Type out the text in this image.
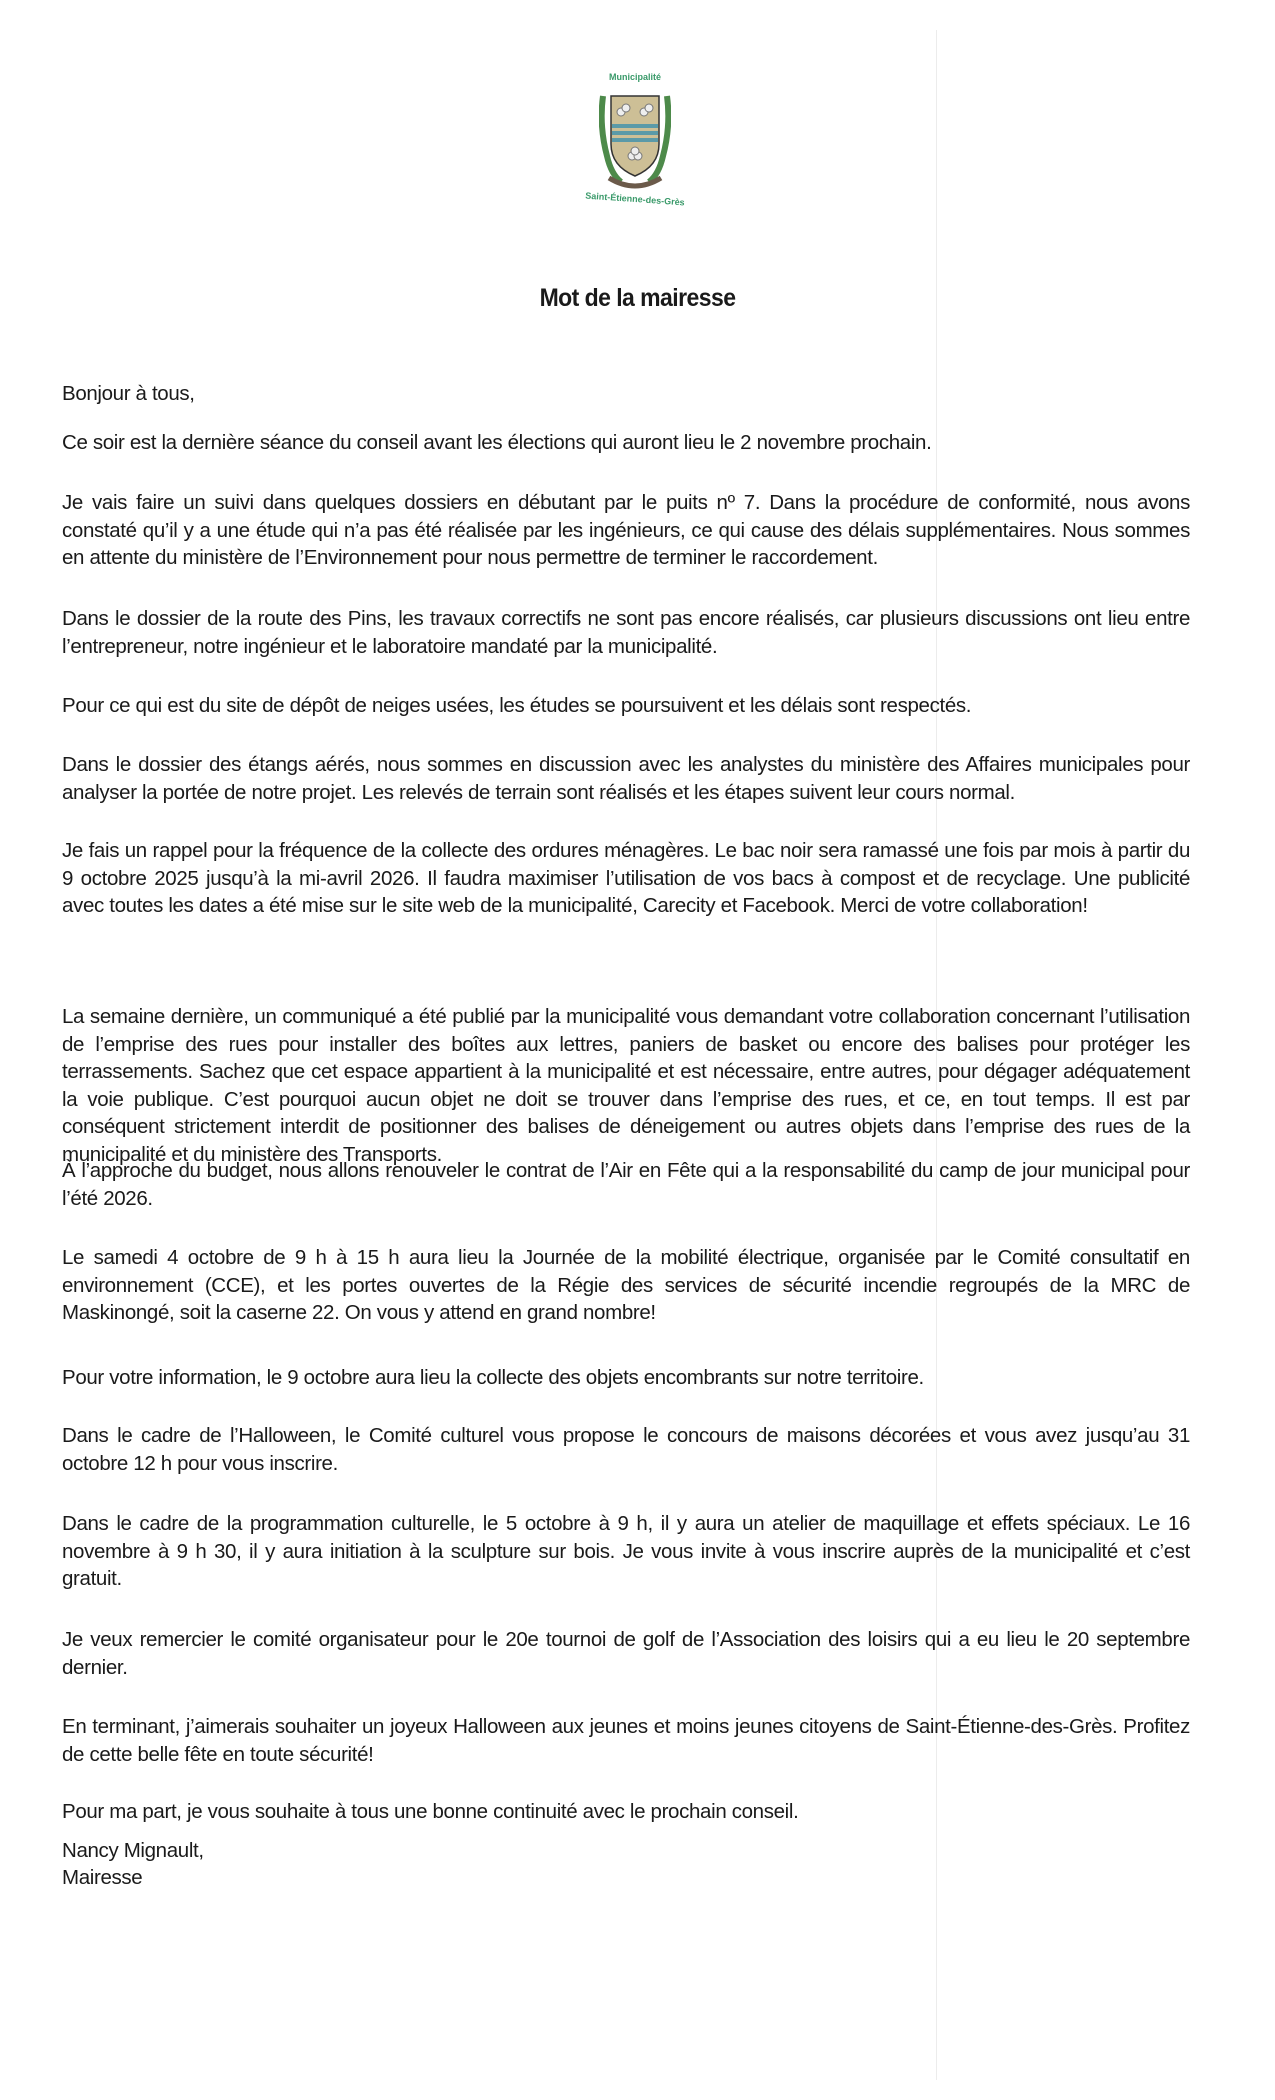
Municipalité
Saint-Étienne-des-Grès
Mot de la mairesse
Bonjour à tous,
Ce soir est la dernière séance du conseil avant les élections qui auront lieu le 2 novembre prochain.
Je vais faire un suivi dans quelques dossiers en débutant par le puits nº 7. Dans la procédure de conformité, nous avons constaté qu’il y a une étude qui n’a pas été réalisée par les ingénieurs, ce qui cause des délais supplémentaires. Nous sommes en attente du ministère de l’Environnement pour nous permettre de terminer le raccordement.
Dans le dossier de la route des Pins, les travaux correctifs ne sont pas encore réalisés, car plusieurs discussions ont lieu entre l’entrepreneur, notre ingénieur et le laboratoire mandaté par la municipalité.
Pour ce qui est du site de dépôt de neiges usées, les études se poursuivent et les délais sont respectés.
Dans le dossier des étangs aérés, nous sommes en discussion avec les analystes du ministère des Affaires municipales pour analyser la portée de notre projet. Les relevés de terrain sont réalisés et les étapes suivent leur cours normal.
Je fais un rappel pour la fréquence de la collecte des ordures ménagères. Le bac noir sera ramassé une fois par mois à partir du 9 octobre 2025 jusqu’à la mi-avril 2026. Il faudra maximiser l’utilisation de vos bacs à compost et de recyclage. Une publicité avec toutes les dates a été mise sur le site web de la municipalité, Carecity et Facebook. Merci de votre collaboration!
La semaine dernière, un communiqué a été publié par la municipalité vous demandant votre collaboration concernant l’utilisation de l’emprise des rues pour installer des boîtes aux lettres, paniers de basket ou encore des balises pour protéger les terrassements. Sachez que cet espace appartient à la municipalité et est nécessaire, entre autres, pour dégager adéquatement la voie publique. C’est pourquoi aucun objet ne doit se trouver dans l’emprise des rues, et ce, en tout temps. Il est par conséquent strictement interdit de positionner des balises de déneigement ou autres objets dans l’emprise des rues de la municipalité et du ministère des Transports.
À l’approche du budget, nous allons renouveler le contrat de l’Air en Fête qui a la responsabilité du camp de jour municipal pour l’été 2026.
Le samedi 4 octobre de 9 h à 15 h aura lieu la Journée de la mobilité électrique, organisée par le Comité consultatif en environnement (CCE), et les portes ouvertes de la Régie des services de sécurité incendie regroupés de la MRC de Maskinongé, soit la caserne 22. On vous y attend en grand nombre!
Pour votre information, le 9 octobre aura lieu la collecte des objets encombrants sur notre territoire.
Dans le cadre de l’Halloween, le Comité culturel vous propose le concours de maisons décorées et vous avez jusqu’au 31 octobre 12 h pour vous inscrire.
Dans le cadre de la programmation culturelle, le 5 octobre à 9 h, il y aura un atelier de maquillage et effets spéciaux. Le 16 novembre à 9 h 30, il y aura initiation à la sculpture sur bois. Je vous invite à vous inscrire auprès de la municipalité et c’est gratuit.
Je veux remercier le comité organisateur pour le 20e tournoi de golf de l’Association des loisirs qui a eu lieu le 20 septembre dernier.
En terminant, j’aimerais souhaiter un joyeux Halloween aux jeunes et moins jeunes citoyens de Saint-Étienne-des-Grès. Profitez de cette belle fête en toute sécurité!
Pour ma part, je vous souhaite à tous une bonne continuité avec le prochain conseil.
Nancy Mignault,
Mairesse
